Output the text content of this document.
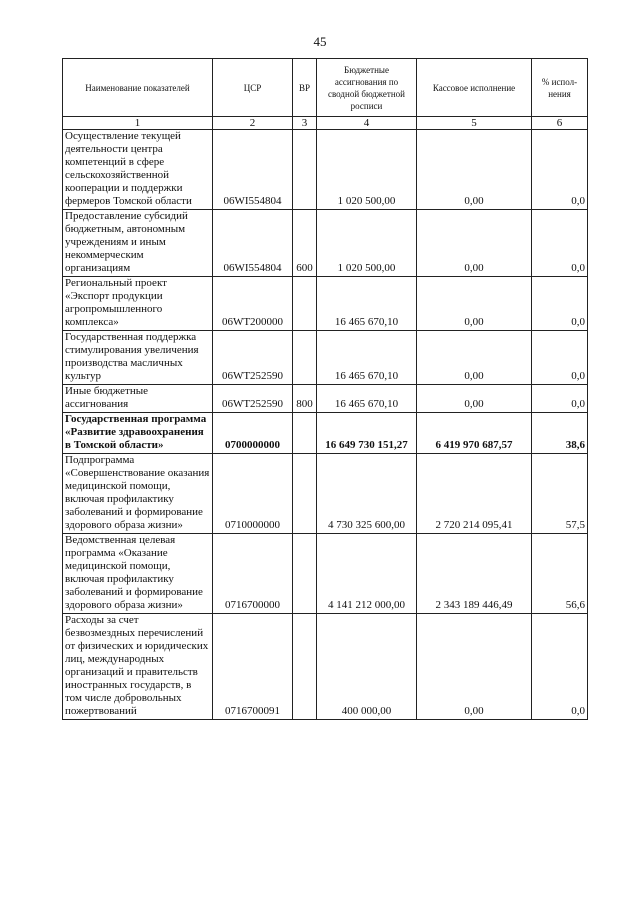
45
Наименование показателей	ЦСР	ВР	Бюджетные ассигнования по сводной бюджетной росписи	Кассовое исполнение	% испол-нения
1	2	3	4	5	6
Осуществление текущей деятельности центра компетенций в сфере сельскохозяйственной кооперации и поддержки фермеров Томской области	06WI554804		1 020 500,00	0,00	0,0
Предоставление субсидий бюджетным, автономным учреждениям и иным некоммерческим организациям	06WI554804	600	1 020 500,00	0,00	0,0
Региональный проект «Экспорт продукции агропромышленного комплекса»	06WT200000		16 465 670,10	0,00	0,0
Государственная поддержка стимулирования увеличения производства масличных культур	06WT252590		16 465 670,10	0,00	0,0
Иные бюджетные ассигнования	06WT252590	800	16 465 670,10	0,00	0,0
Государственная программа «Развитие здравоохранения в Томской области»	0700000000		16 649 730 151,27	6 419 970 687,57	38,6
Подпрограмма «Совершенствование оказания медицинской помощи, включая профилактику заболеваний и формирование здорового образа жизни»	0710000000		4 730 325 600,00	2 720 214 095,41	57,5
Ведомственная целевая программа «Оказание медицинской помощи, включая профилактику заболеваний и формирование здорового образа жизни»	0716700000		4 141 212 000,00	2 343 189 446,49	56,6
Расходы за счет безвозмездных перечислений от физических и юридических лиц, международных организаций и правительств иностранных государств, в том числе добровольных пожертвований	0716700091		400 000,00	0,00	0,0
